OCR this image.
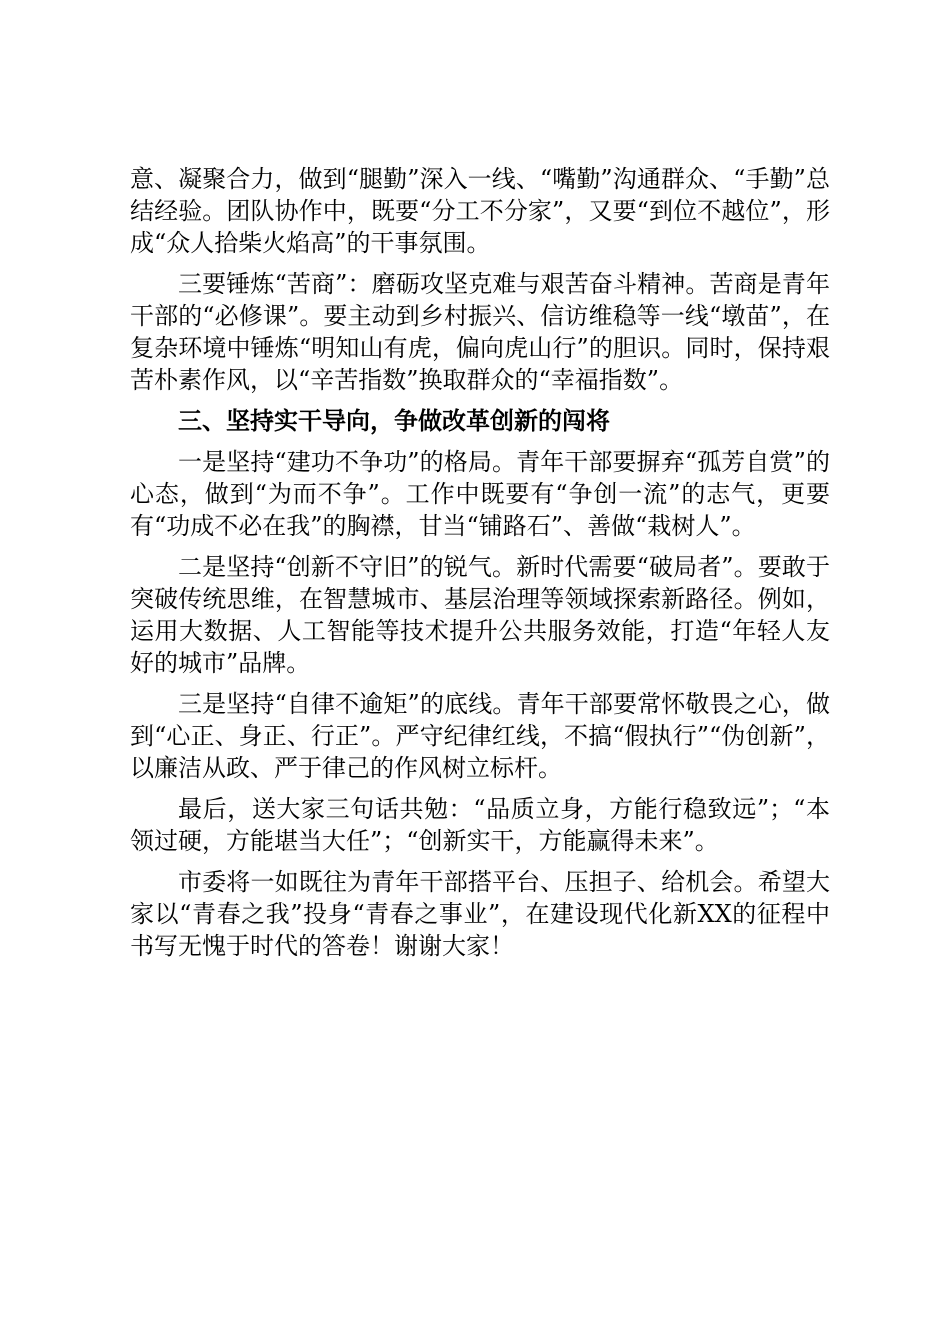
意、凝聚合力，做到“腿勤”深入一线、“嘴勤”沟通群众、“手勤”总结经验。团队协作中，既要“分工不分家”，又要“到位不越位”，形成“众人拾柴火焰高”的干事氛围。

三要锤炼“苦商”：磨砺攻坚克难与艰苦奋斗精神。苦商是青年干部的“必修课”。要主动到乡村振兴、信访维稳等一线“墩苗”，在复杂环境中锤炼“明知山有虎，偏向虎山行”的胆识。同时，保持艰苦朴素作风，以“辛苦指数”换取群众的“幸福指数”。

三、坚持实干导向，争做改革创新的闯将

一是坚持“建功不争功”的格局。青年干部要摒弃“孤芳自赏”的心态，做到“为而不争”。工作中既要有“争创一流”的志气，更要有“功成不必在我”的胸襟，甘当“铺路石”、善做“栽树人”。

二是坚持“创新不守旧”的锐气。新时代需要“破局者”。要敢于突破传统思维，在智慧城市、基层治理等领域探索新路径。例如，运用大数据、人工智能等技术提升公共服务效能，打造“年轻人友好的城市”品牌。

三是坚持“自律不逾矩”的底线。青年干部要常怀敬畏之心，做到“心正、身正、行正”。严守纪律红线，不搞“假执行”“伪创新”，以廉洁从政、严于律己的作风树立标杆。

最后，送大家三句话共勉：“品质立身，方能行稳致远”；“本领过硬，方能堪当大任”；“创新实干，方能赢得未来”。

市委将一如既往为青年干部搭平台、压担子、给机会。希望大家以“青春之我”投身“青春之事业”，在建设现代化新XX的征程中书写无愧于时代的答卷！谢谢大家！
